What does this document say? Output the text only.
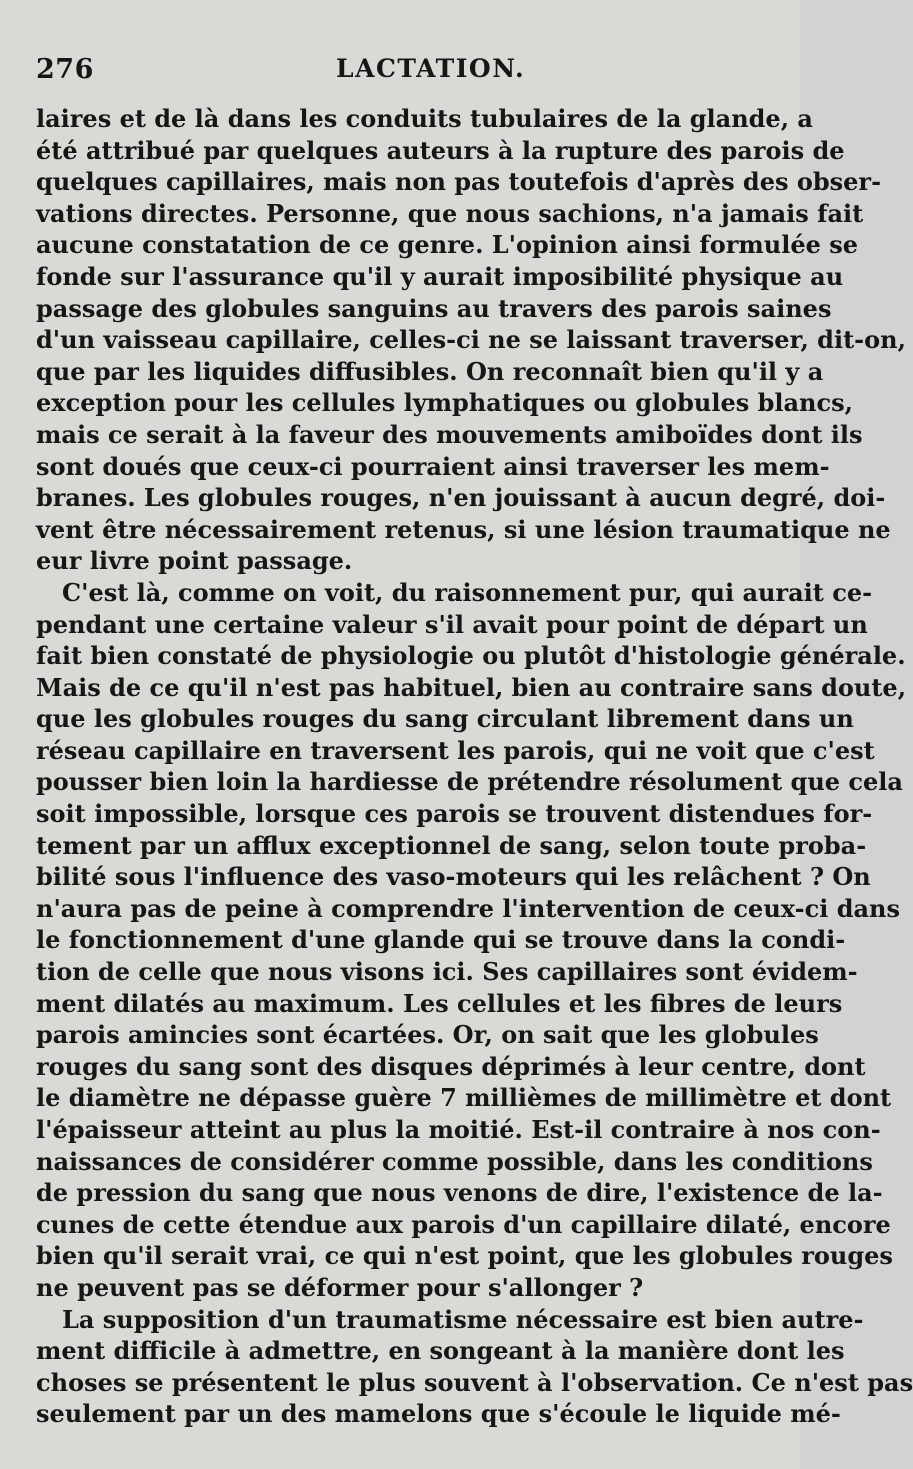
276	LACTATION.

laires et de là dans les conduits tubulaires de la glande, a
été attribué par quelques auteurs à la rupture des parois de
quelques capillaires, mais non pas toutefois d'après des obser-
vations directes. Personne, que nous sachions, n'a jamais fait
aucune constatation de ce genre. L'opinion ainsi formulée se
fonde sur l'assurance qu'il y aurait imposibilité physique au
passage des globules sanguins au travers des parois saines
d'un vaisseau capillaire, celles-ci ne se laissant traverser, dit-on,
que par les liquides diffusibles. On reconnaît bien qu'il y a
exception pour les cellules lymphatiques ou globules blancs,
mais ce serait à la faveur des mouvements amiboïdes dont ils
sont doués que ceux-ci pourraient ainsi traverser les mem-
branes. Les globules rouges, n'en jouissant à aucun degré, doi-
vent être nécessairement retenus, si une lésion traumatique ne
eur livre point passage.

C'est là, comme on voit, du raisonnement pur, qui aurait ce-
pendant une certaine valeur s'il avait pour point de départ un
fait bien constaté de physiologie ou plutôt d'histologie générale.
Mais de ce qu'il n'est pas habituel, bien au contraire sans doute,
que les globules rouges du sang circulant librement dans un
réseau capillaire en traversent les parois, qui ne voit que c'est
pousser bien loin la hardiesse de prétendre résolument que cela
soit impossible, lorsque ces parois se trouvent distendues for-
tement par un afflux exceptionnel de sang, selon toute proba-
bilité sous l'influence des vaso-moteurs qui les relâchent ? On
n'aura pas de peine à comprendre l'intervention de ceux-ci dans
le fonctionnement d'une glande qui se trouve dans la condi-
tion de celle que nous visons ici. Ses capillaires sont évidem-
ment dilatés au maximum. Les cellules et les fibres de leurs
parois amincies sont écartées. Or, on sait que les globules
rouges du sang sont des disques déprimés à leur centre, dont
le diamètre ne dépasse guère 7 millièmes de millimètre et dont
l'épaisseur atteint au plus la moitié. Est-il contraire à nos con-
naissances de considérer comme possible, dans les conditions
de pression du sang que nous venons de dire, l'existence de la-
cunes de cette étendue aux parois d'un capillaire dilaté, encore
bien qu'il serait vrai, ce qui n'est point, que les globules rouges
ne peuvent pas se déformer pour s'allonger ?

La supposition d'un traumatisme nécessaire est bien autre-
ment difficile à admettre, en songeant à la manière dont les
choses se présentent le plus souvent à l'observation. Ce n'est pas
seulement par un des mamelons que s'écoule le liquide mé-
